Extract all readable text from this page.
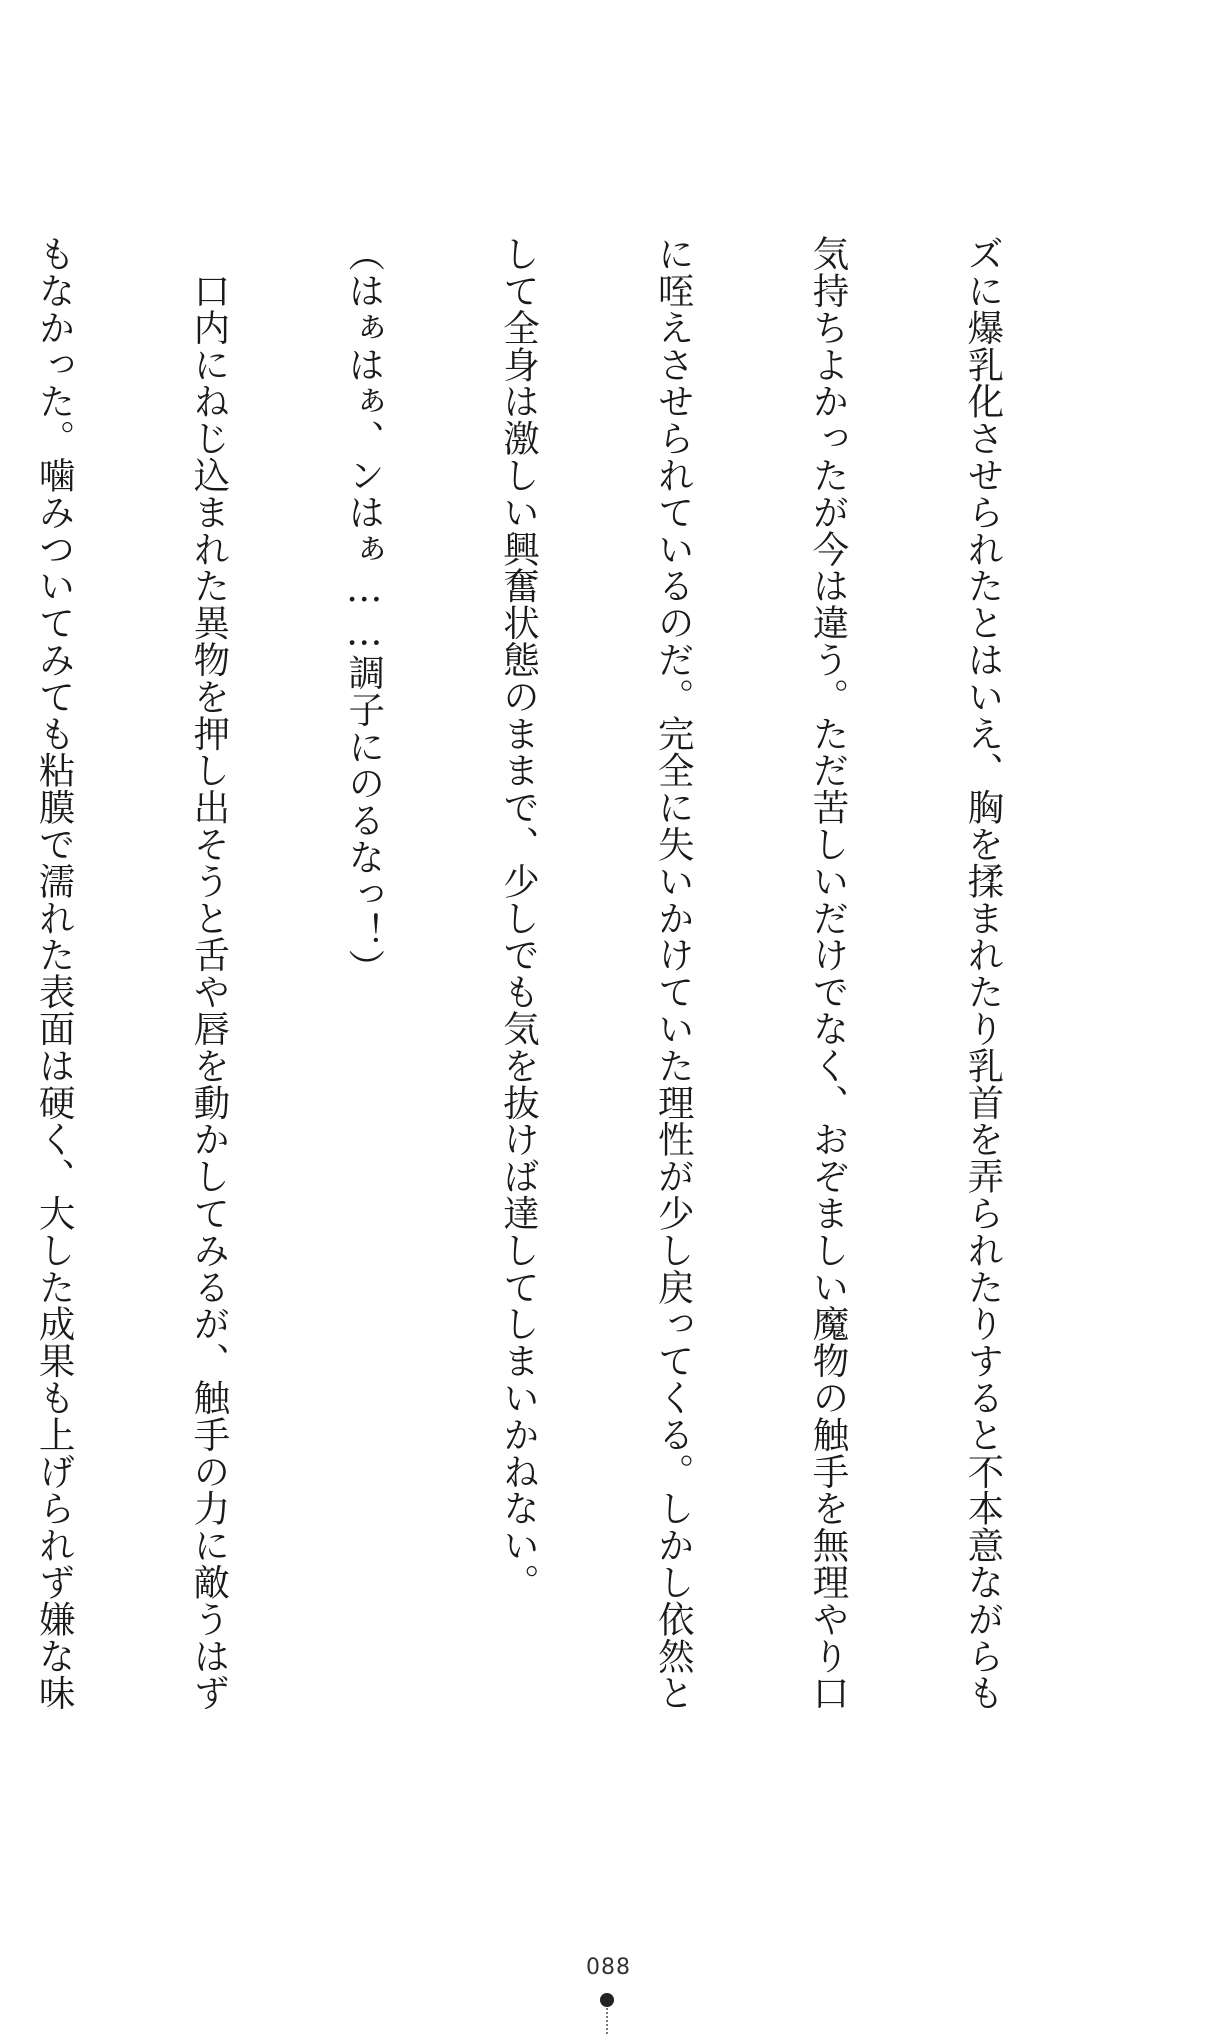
ズに爆乳化させられたとはいえ、胸を揉まれたり乳首を弄られたりすると不本意ながらも

気持ちよかったが今は違う。ただ苦しいだけでなく、おぞましい魔物の触手を無理やり口

に咥えさせられているのだ。完全に失いかけていた理性が少し戻ってくる。しかし依然と

して全身は激しい興奮状態のままで、少しでも気を抜けば達してしまいかねない。

（はぁはぁ、ンはぁ……調子にのるなっ！）

　口内にねじ込まれた異物を押し出そうと舌や唇を動かしてみるが、触手の力に敵うはず

もなかった。噛みついてみても粘膜で濡れた表面は硬く、大した成果も上げられず嫌な味

088
